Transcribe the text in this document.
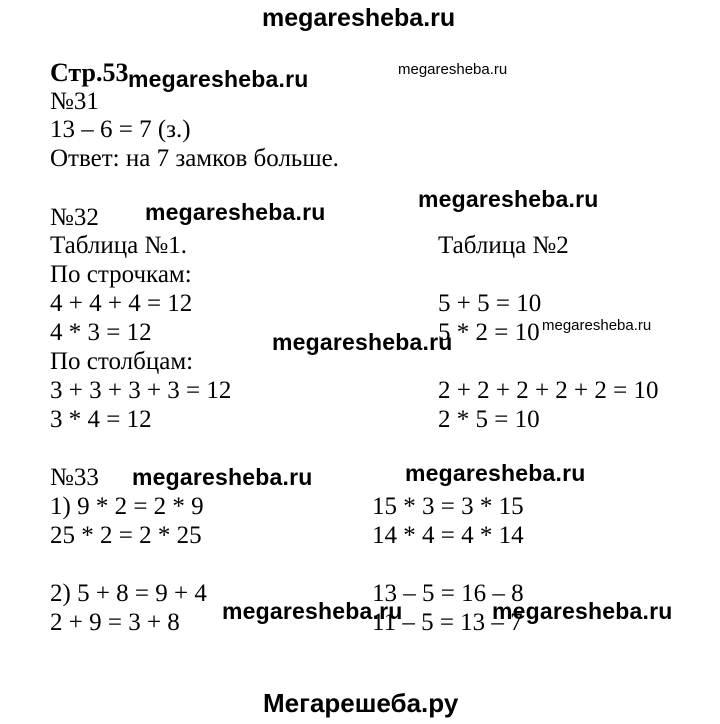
megaresheba.ru
Стр.53 megaresheba.ru	megaresheba.ru
№31
13 – 6 = 7 (з.)
Ответ: на 7 замков больше.
№32 megaresheba.ru	megaresheba.ru
Таблица №1.	Таблица №2
По строчкам:
4 + 4 + 4 = 12	5 + 5 = 10
4 * 3 = 12	5 * 2 = 10 megaresheba.ru
megaresheba.ru
По столбцам:
3 + 3 + 3 + 3 = 12	2 + 2 + 2 + 2 + 2 = 10
3 * 4 = 12	2 * 5 = 10
№33 megaresheba.ru	megaresheba.ru
1) 9 * 2 = 2 * 9	15 * 3 = 3 * 15
25 * 2 = 2 * 25	14 * 4 = 4 * 14
2) 5 + 8 = 9 + 4	13 – 5 = 16 – 8
2 + 9 = 3 + 8	11 – 5 = 13 – 7
megaresheba.ru	megaresheba.ru
Мегарешеба.ру
